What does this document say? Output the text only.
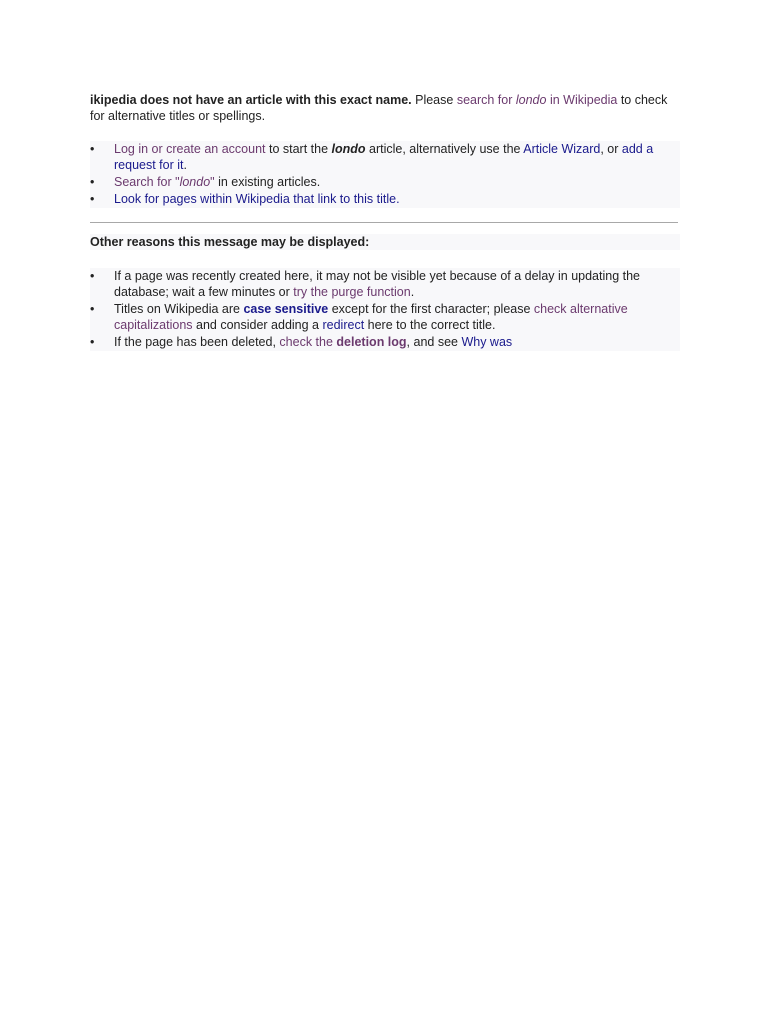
ikipedia does not have an article with this exact name. Please search for londo in Wikipedia to check for alternative titles or spellings.
•	Log in or create an account to start the londo article, alternatively use the Article Wizard, or add a request for it.
•	Search for "londo" in existing articles.
•	Look for pages within Wikipedia that link to this title.
Other reasons this message may be displayed:
•	If a page was recently created here, it may not be visible yet because of a delay in updating the database; wait a few minutes or try the purge function.
•	Titles on Wikipedia are case sensitive except for the first character; please check alternative capitalizations and consider adding a redirect here to the correct title.
•	If the page has been deleted, check the deletion log, and see Why was
